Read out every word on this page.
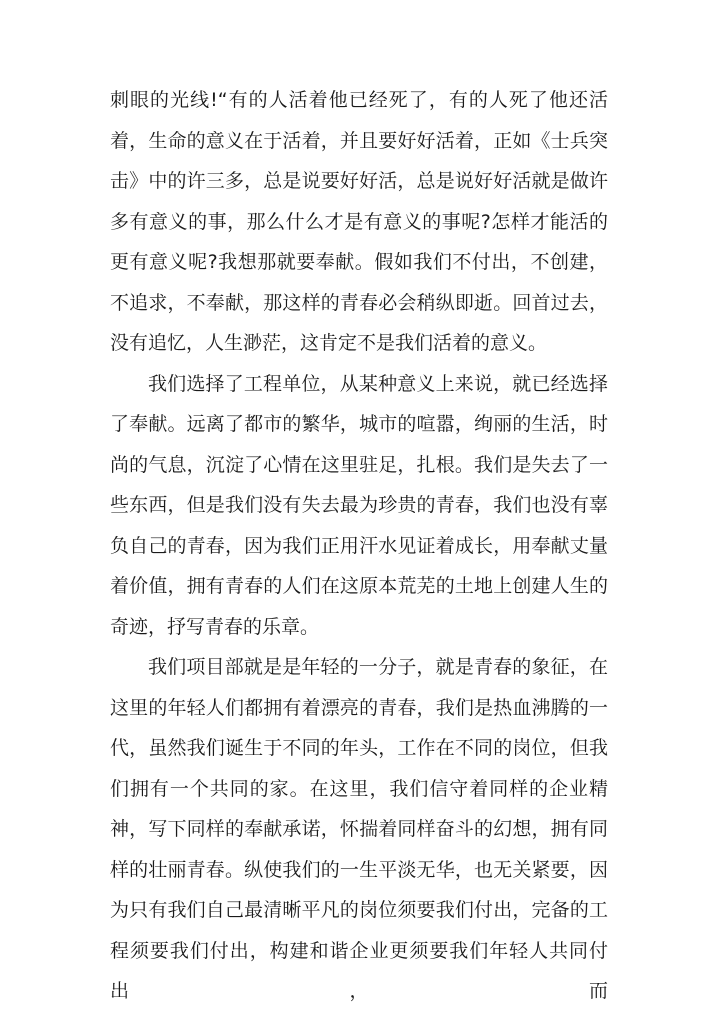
刺眼的光线!“有的人活着他已经死了，有的人死了他还活着，生命的意义在于活着，并且要好好活着，正如《士兵突击》中的许三多，总是说要好好活，总是说好好活就是做许多有意义的事，那么什么才是有意义的事呢?怎样才能活的更有意义呢?我想那就要奉献。假如我们不付出，不创建，不追求，不奉献，那这样的青春必会稍纵即逝。回首过去，没有追忆，人生渺茫，这肯定不是我们活着的意义。

我们选择了工程单位，从某种意义上来说，就已经选择了奉献。远离了都市的繁华，城市的喧嚣，绚丽的生活，时尚的气息，沉淀了心情在这里驻足，扎根。我们是失去了一些东西，但是我们没有失去最为珍贵的青春，我们也没有辜负自己的青春，因为我们正用汗水见证着成长，用奉献丈量着价值，拥有青春的人们在这原本荒芜的土地上创建人生的奇迹，抒写青春的乐章。

我们项目部就是是年轻的一分子，就是青春的象征，在这里的年轻人们都拥有着漂亮的青春，我们是热血沸腾的一代，虽然我们诞生于不同的年头，工作在不同的岗位，但我们拥有一个共同的家。在这里，我们信守着同样的企业精神，写下同样的奉献承诺，怀揣着同样奋斗的幻想，拥有同样的壮丽青春。纵使我们的一生平淡无华，也无关紧要，因为只有我们自己最清晰平凡的岗位须要我们付出，完备的工程须要我们付出，构建和谐企业更须要我们年轻人共同付出，而
